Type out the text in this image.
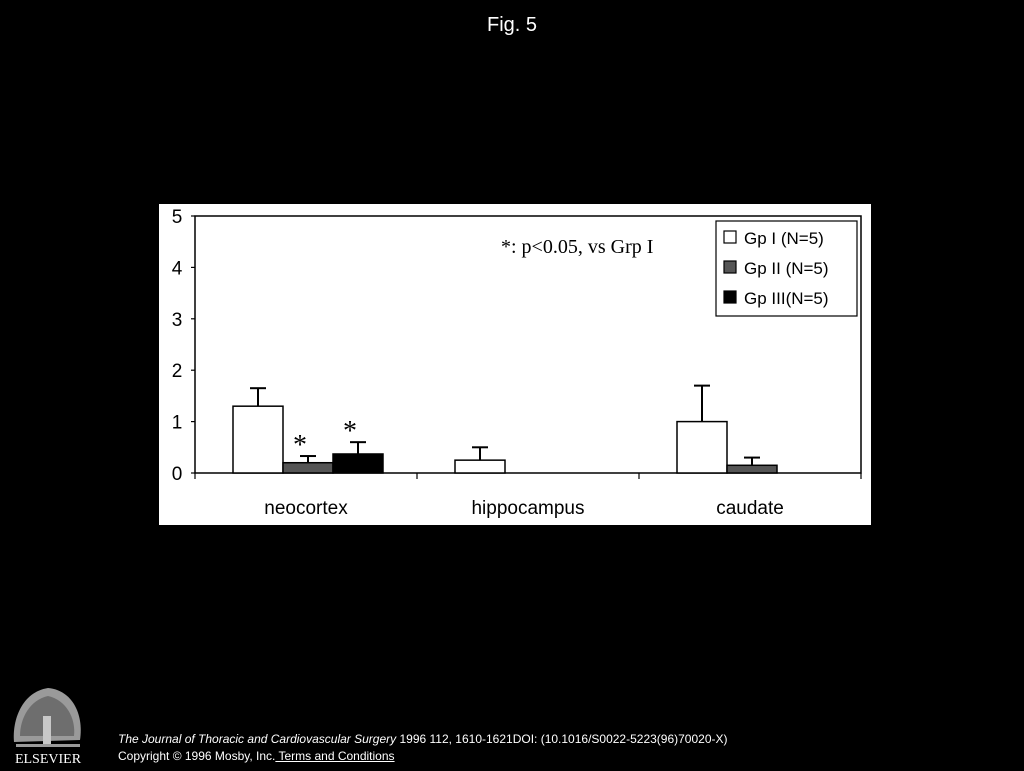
Fig. 5
0
1
2
3
4
5
neocortex	hippocampus	caudate
* *
Gp I (N=5)
Gp II (N=5)
Gp III(N=5)
*: p<0.05, vs Grp I
ELSEVIER
The Journal of Thoracic and Cardiovascular Surgery 1996 112, 1610-1621DOI: (10.1016/S0022-5223(96)70020-X)
Copyright © 1996 Mosby, Inc. Terms and Conditions
